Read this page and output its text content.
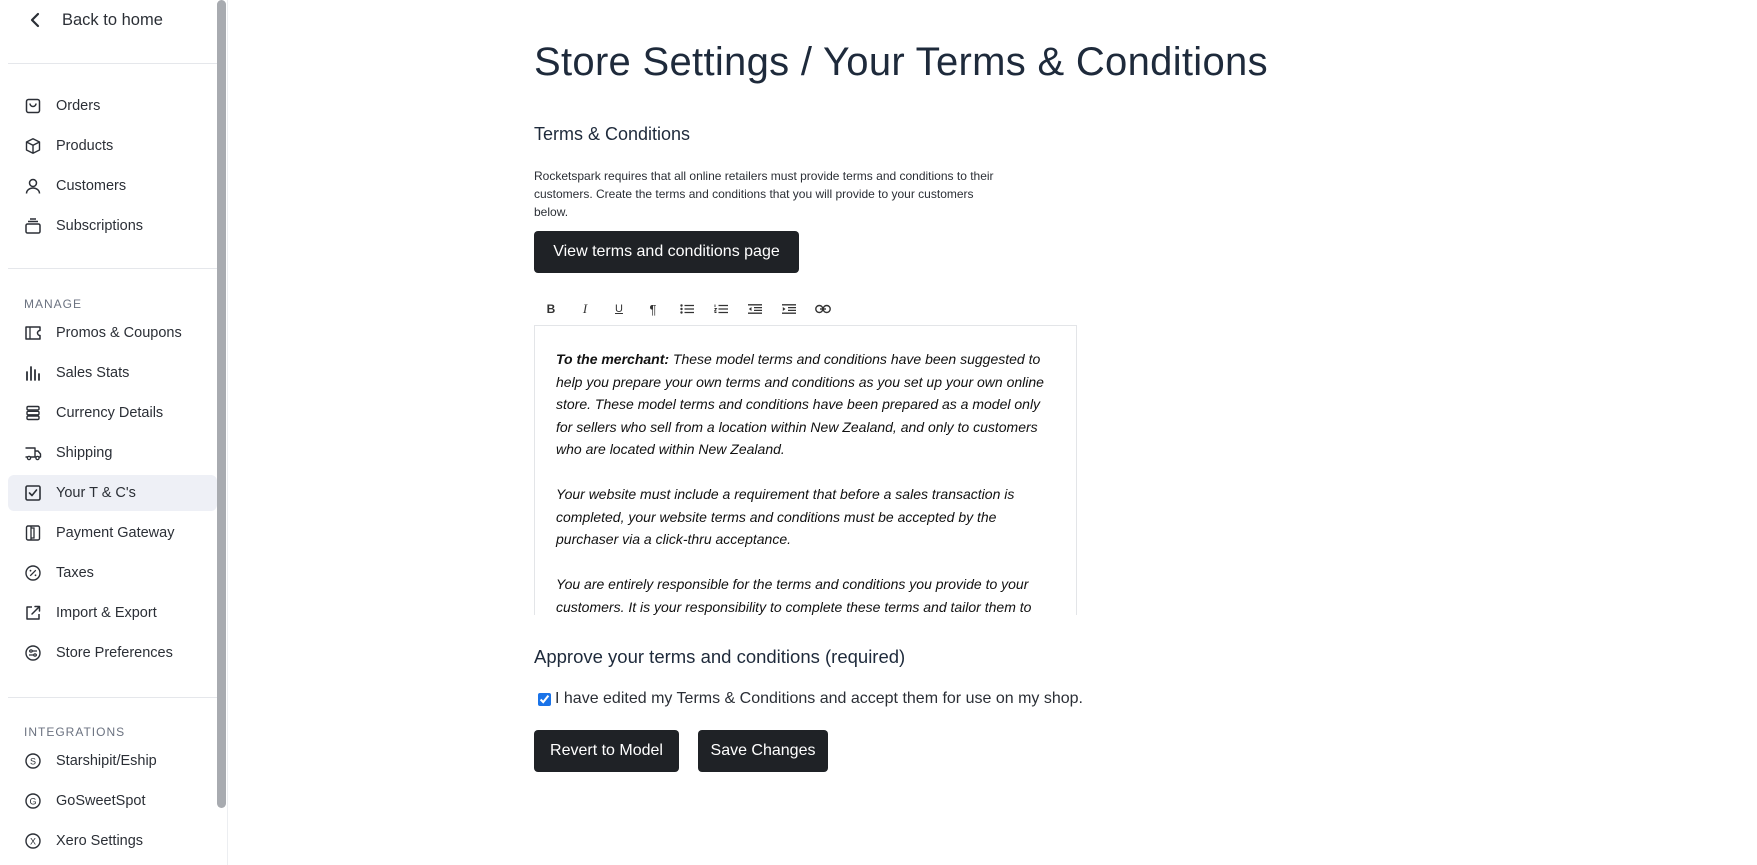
Back to home
Orders
Products
Customers
Subscriptions
MANAGE
Promos & Coupons
Sales Stats
Currency Details
Shipping
Your T & C's
Payment Gateway
Taxes
Import & Export
Store Preferences
INTEGRATIONS
S Starshipit/Eship
G GoSweetSpot
X Xero Settings
Store Settings / Your Terms & Conditions
Terms & Conditions

Rocketspark requires that all online retailers must provide terms and conditions to their customers. Create the terms and conditions that you will provide to your customers below.

View terms and conditions page
B I	U ¶

To the merchant: These model terms and conditions have been suggested to help you prepare your own terms and conditions as you set up your own online store. These model terms and conditions have been prepared as a model only for sellers who sell from a location within New Zealand, and only to customers who are located within New Zealand.

Your website must include a requirement that before a sales transaction is completed, your website terms and conditions must be accepted by the purchaser via a click-thru acceptance.

You are entirely responsible for the terms and conditions you provide to your customers. It is your responsibility to complete these terms and tailor them to

Approve your terms and conditions (required)
I have edited my Terms & Conditions and accept them for use on my shop.
Revert to Model	Save Changes
